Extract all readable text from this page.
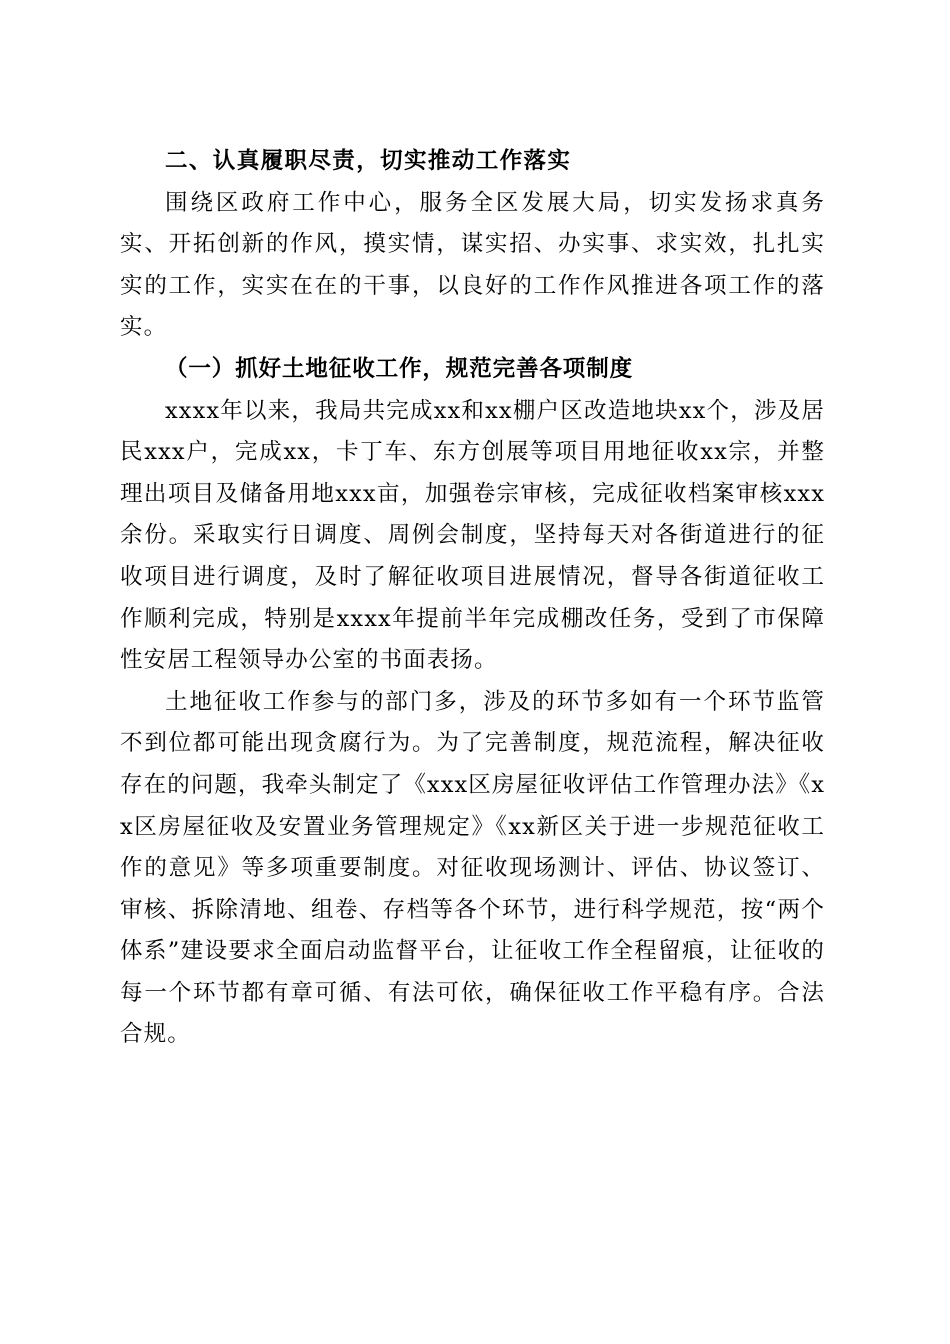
二、认真履职尽责，切实推动工作落实

围绕区政府工作中心，服务全区发展大局，切实发扬求真务实、开拓创新的作风，摸实情，谋实招、办实事、求实效，扎扎实实的工作，实实在在的干事，以良好的工作作风推进各项工作的落实。

（一）抓好土地征收工作，规范完善各项制度

xxxx年以来，我局共完成xx和xx棚户区改造地块xx个，涉及居民xxx户，完成xx，卡丁车、东方创展等项目用地征收xx宗，并整理出项目及储备用地xxx亩，加强卷宗审核，完成征收档案审核xxx余份。采取实行日调度、周例会制度，坚持每天对各街道进行的征收项目进行调度，及时了解征收项目进展情况，督导各街道征收工作顺利完成，特别是xxxx年提前半年完成棚改任务，受到了市保障性安居工程领导办公室的书面表扬。

土地征收工作参与的部门多，涉及的环节多如有一个环节监管不到位都可能出现贪腐行为。为了完善制度，规范流程，解决征收存在的问题，我牵头制定了《xxx区房屋征收评估工作管理办法》《xx区房屋征收及安置业务管理规定》《xx新区关于进一步规范征收工作的意见》等多项重要制度。对征收现场测计、评估、协议签订、审核、拆除清地、组卷、存档等各个环节，进行科学规范，按“两个体系”建设要求全面启动监督平台，让征收工作全程留痕，让征收的每一个环节都有章可循、有法可依，确保征收工作平稳有序。合法合规。
